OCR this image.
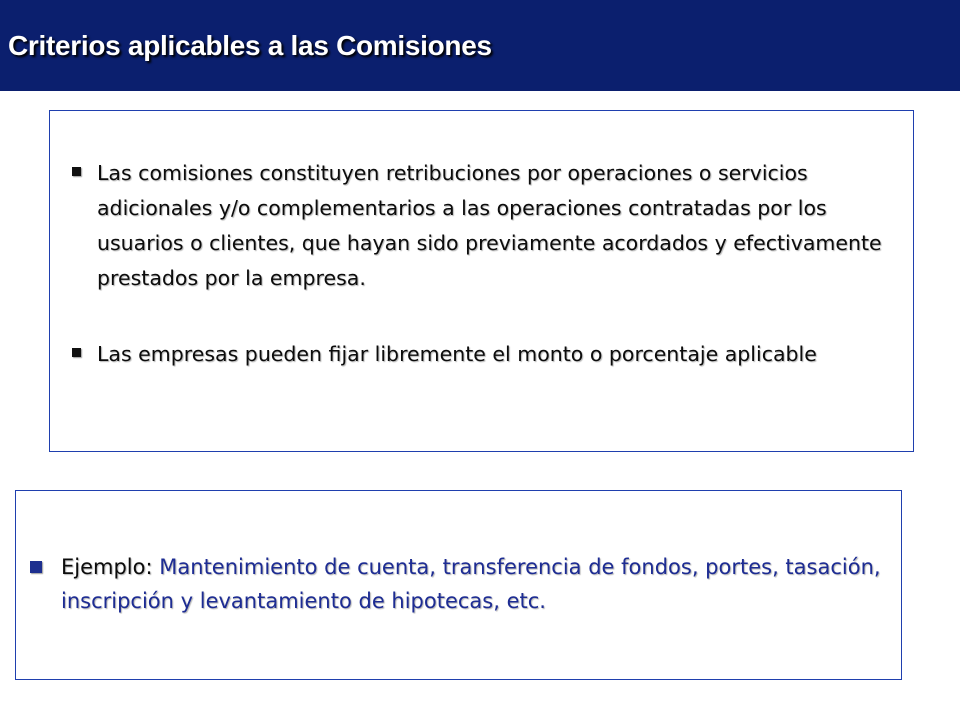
Criterios aplicables a las Comisiones
Las comisiones constituyen retribuciones por operaciones o servicios adicionales y/o complementarios a las operaciones contratadas por los usuarios o clientes, que hayan sido previamente acordados y efectivamente prestados por la empresa.
Las empresas pueden fijar libremente el monto o porcentaje aplicable
Ejemplo: Mantenimiento de cuenta, transferencia de fondos, portes, tasación, inscripción y levantamiento de hipotecas, etc.
